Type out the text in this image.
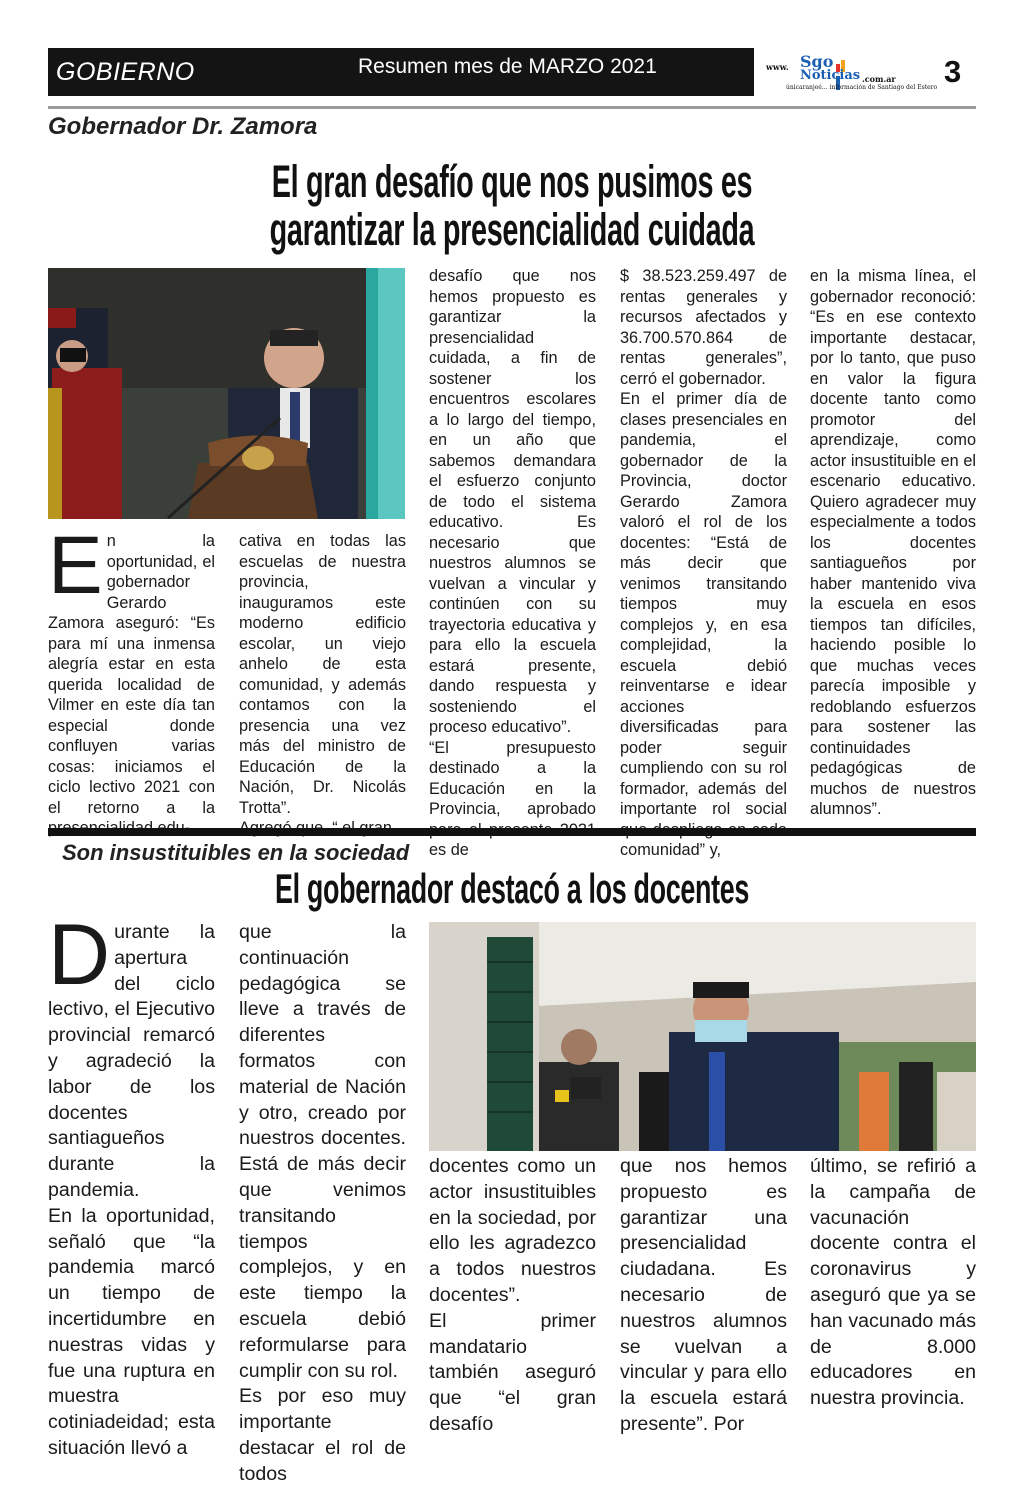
GOBIERNO	Resumen mes de MARZO 2021	www. Sgo
Noticias .com.ar
únicaranjeé... información de Santiago del Estero 3
Gobernador Dr. Zamora
El gran desafío que nos pusimos es
garantizar la presencialidad cuidada

En la oportunidad, el gobernador Gerardo Zamora aseguró: “Es para mí una inmensa alegría estar en esta querida localidad de Vilmer en este día tan especial donde confluyen varias cosas: iniciamos el ciclo lectivo 2021 con el retorno a la

cativa en todas las escuelas de nuestra provincia, inauguramos este moderno edificio escolar, un viejo anhelo de esta comunidad, y además contamos con la presencia una vez más del ministro de Educación de la Nación, Dr. Nicolás Trotta”.

desafío que nos hemos propuesto es garantizar la presencialidad cuidada, a fin de sostener los encuentros escolares a lo largo del tiempo, en un año que sabemos demandara el esfuerzo conjunto de todo el sistema educativo. Es necesario que nuestros alumnos se vuelvan a vincular y continúen con su trayectoria educativa y para ello la escuela estará presente, dando respuesta y sosteniendo el proceso educativo”.

“El presupuesto destinado a la Educación en la Provincia, aprobado es de

$ 38.523.259.497 de rentas generales y recursos afectados y 36.700.570.864 de rentas generales”, cerró el gobernador.

En el primer día de clases presenciales en pandemia, el gobernador de la Provincia, doctor Gerardo Zamora valoró el rol de los docentes: “Está de más decir que venimos transitando tiempos muy complejos y, en esa complejidad, la escuela debió reinventarse e idear acciones diversificadas para poder seguir cumpliendo con su rol formador, además del importante rol social comunidad” y,

en la misma línea, el gobernador reconoció: “Es en ese contexto importante destacar, por lo tanto, que puso en valor la figura docente tanto como promotor del aprendizaje, como actor insustituible en el escenario educativo. Quiero agradecer muy especialmente a todos los docentes santiagueños por haber mantenido viva la escuela en esos tiempos tan difíciles, haciendo posible lo que muchas veces parecía imposible y redoblando esfuerzos para sostener las continuidades pedagógicas de muchos de nuestros alumnos”.

Son insustituibles en la sociedad
El gobernador destacó a los docentes

Durante la apertura del ciclo lectivo, el Ejecutivo provincial remarcó y agradeció la labor de los docentes santiagueños durante la pandemia.

En la oportunidad, señaló que “la pandemia marcó un tiempo de incertidumbre en nuestras vidas y fue una ruptura en muestra cotiniadeidad; esta situación llevó a

que la continuación pedagógica se lleve a través de diferentes formatos con material de Nación y otro, creado por nuestros docentes. Está de más decir que venimos transitando tiempos complejos, y en este tiempo la escuela debió reformularse para cumplir con su rol.

Es por eso muy importante destacar el rol de todos

docentes como un actor insustituibles en la sociedad, por ello les agradezco a todos nuestros docentes”.

El primer mandatario también aseguró que “el gran desafío

que nos hemos propuesto es garantizar una presencialidad ciudadana. Es necesario de nuestros alumnos se vuelvan a vincular y para ello la escuela estará presente”. Por

último, se refirió a la campaña de vacunación docente contra el coronavirus y aseguró que ya se han vacunado más de 8.000 educadores en nuestra provincia.
